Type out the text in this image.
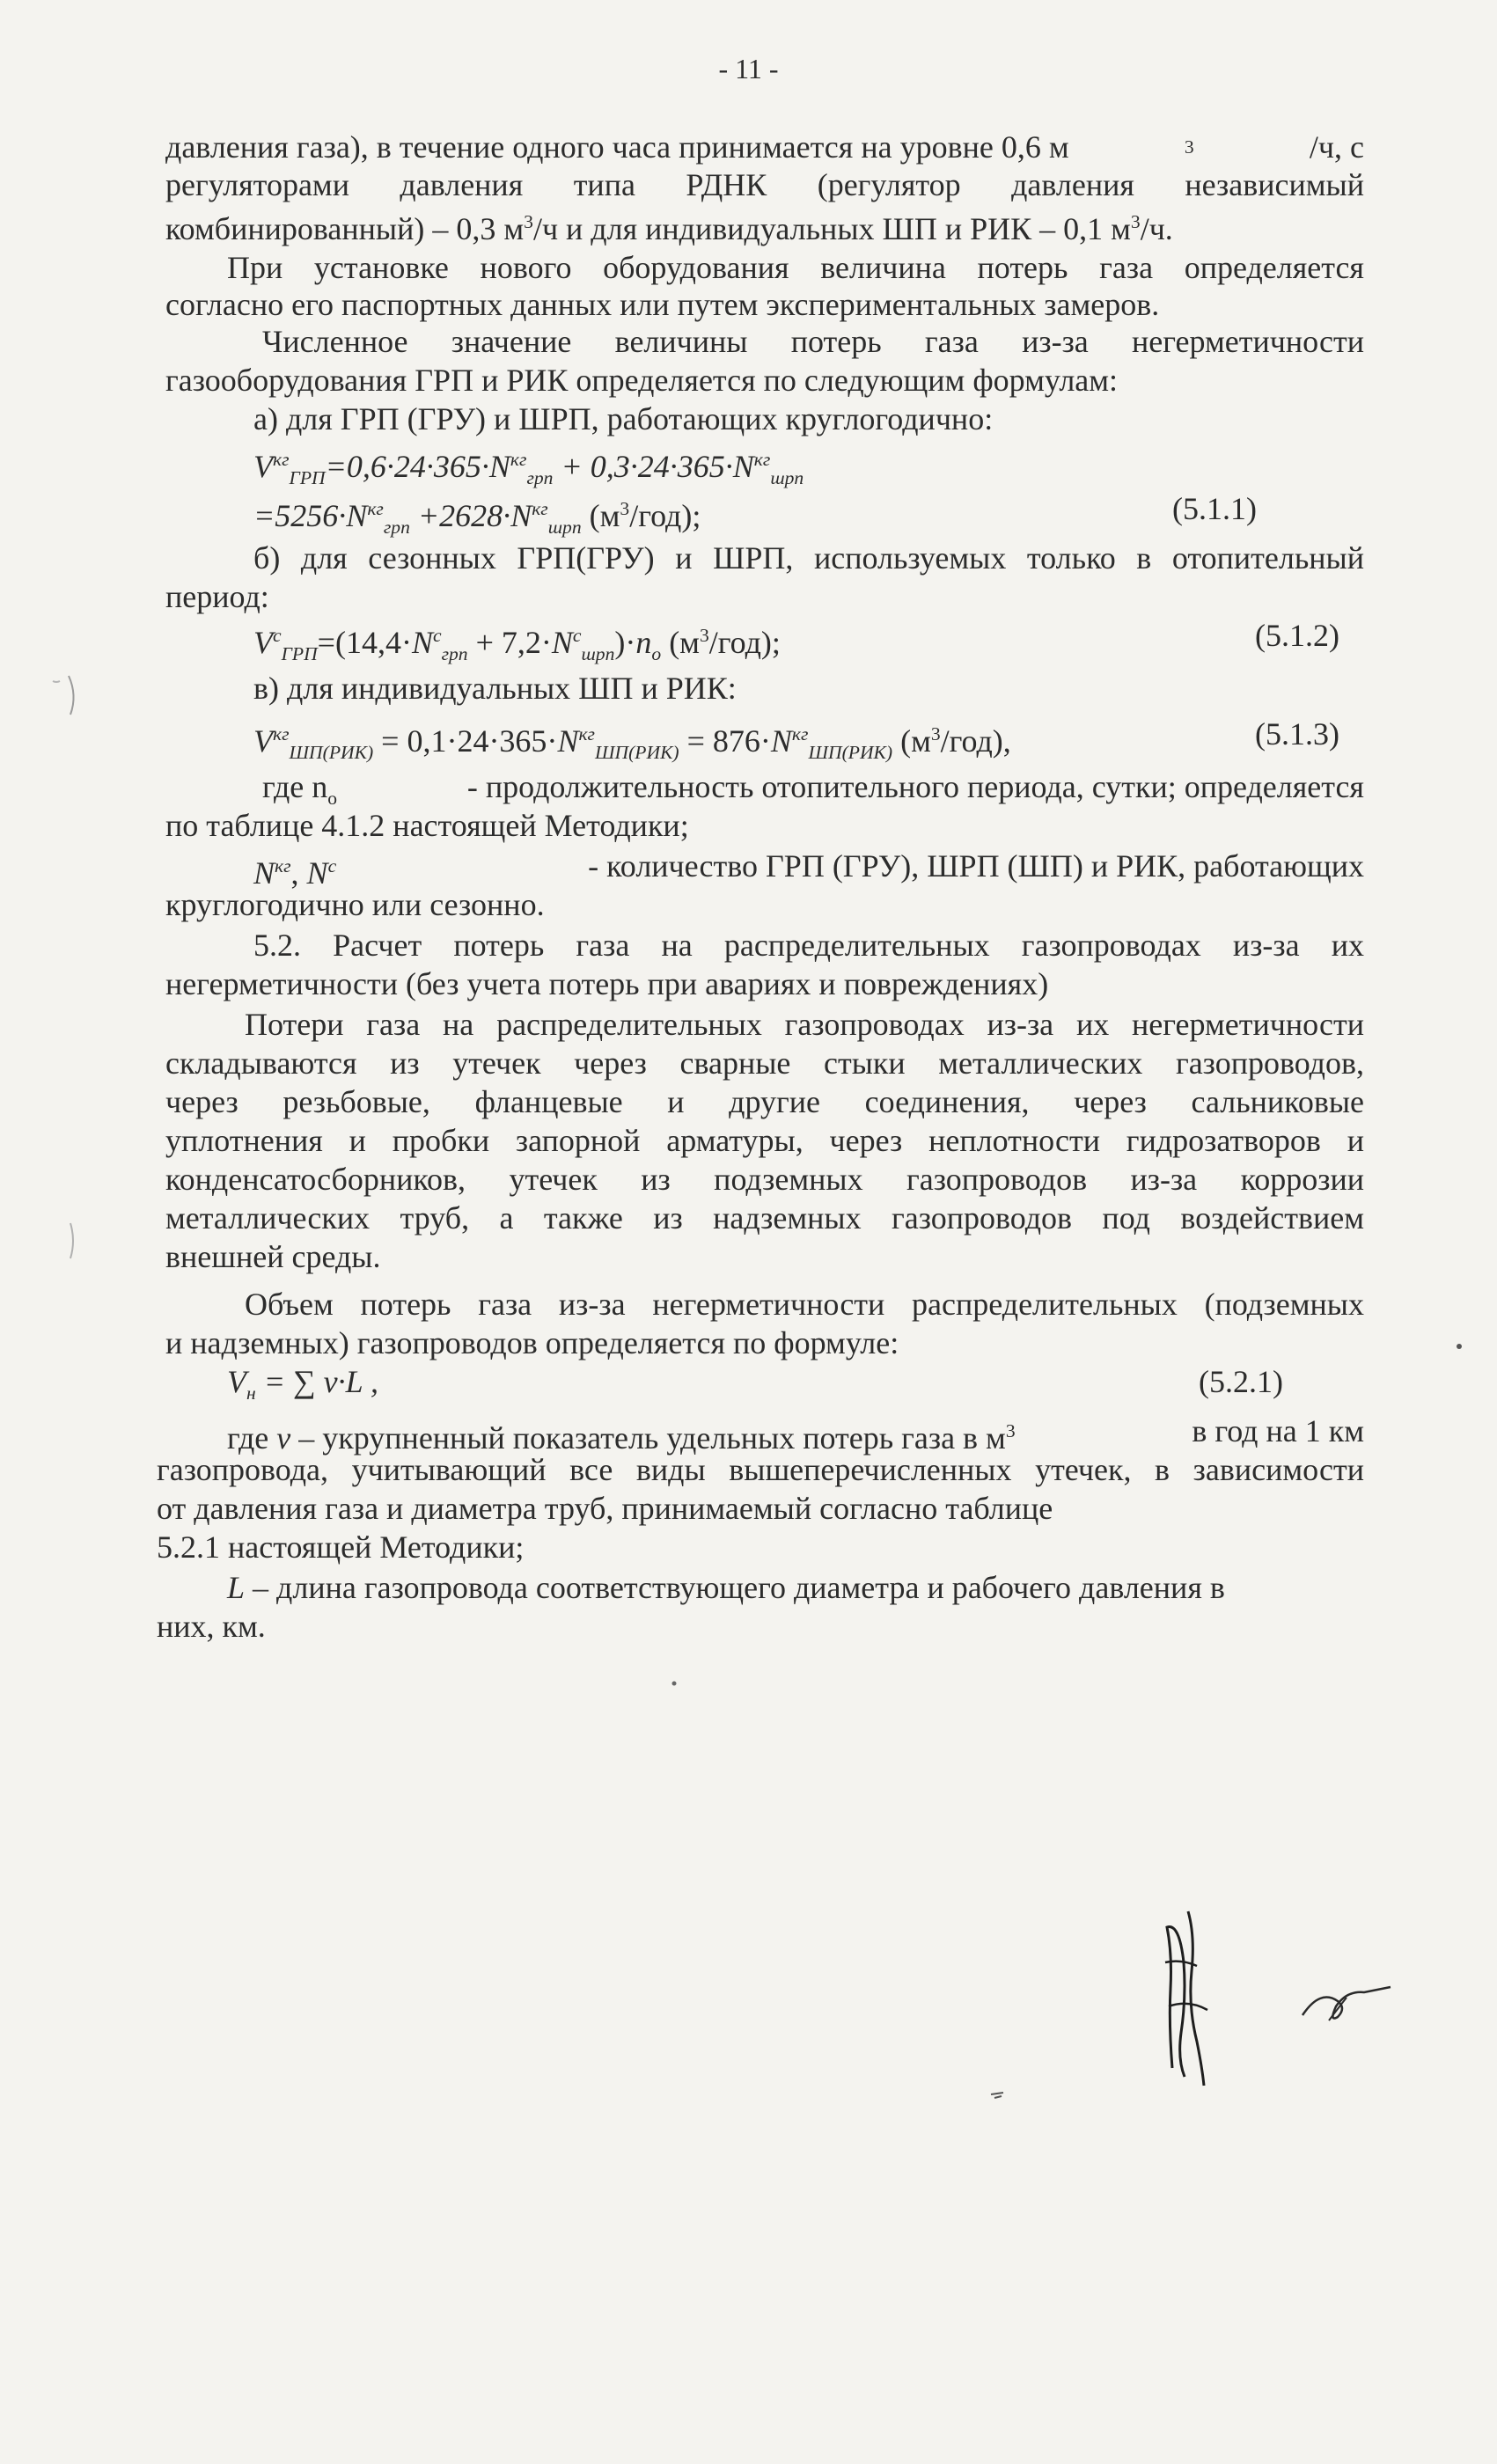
- 11 -
давления газа), в течение одного часа принимается на уровне 0,6 м	3	/ч, с
регуляторами давления типа РДНК (регулятор давления независимый
комбинированный) – 0,3 $м^3/ч$ и для индивидуальных ШП и РИК – 0,1 $м^3/ч$.
При установке нового оборудования величина потерь газа определяется
согласно его паспортных данных или путем экспериментальных замеров.
Численное значение величины потерь газа из-за негерметичности
газооборудования ГРП и РИК определяется по следующим формулам:
а) для ГРП (ГРУ) и ШРП, работающих круглогодично:
$V^{кг}_{ГРП}=0,6\cdot 24\cdot 365\cdot N^{кг}_{грп} + 0,3\cdot 24\cdot 365\cdot N^{кг}_{шрп}$
$=5256\cdot N^{кг}_{грп} +2628\cdot N^{кг}_{шрп}$ $(м^3/год)$;	(5.1.1)
б) для сезонных ГРП(ГРУ) и ШРП, используемых только в отопительный
период:
$V^с_{ГРП}=(14,4\cdot N^с_{грп} + 7,2\cdot N^с_{шрп})\cdot n_о$ $(м^3/год)$;	(5.1.2)
в) для индивидуальных ШП и РИК:
$V^{кг}_{ШП(РИК)} = 0,1\cdot 24\cdot 365\cdot N^{кг}_{ШП(РИК)} = 876\cdot N^{кг}_{ШП(РИК)}$ $(м^3/год)$,	(5.1.3)
где $n_о$	- продолжительность отопительного периода, сутки; определяется
по таблице 4.1.2 настоящей Методики;
$N^{кг}$, $N^с$	- количество ГРП (ГРУ), ШРП (ШП) и РИК, работающих
круглогодично или сезонно.
5.2. Расчет потерь газа на распределительных газопроводах из-за их
негерметичности (без учета потерь при авариях и повреждениях)
Потери газа на распределительных газопроводах из-за их негерметичности
складываются из утечек через сварные стыки металлических газопроводов,
через резьбовые, фланцевые и другие соединения, через сальниковые
уплотнения и пробки запорной арматуры, через неплотности гидрозатворов и
конденсатосборников, утечек из подземных газопроводов из-за коррозии
металлических труб, а также из надземных газопроводов под воздействием
внешней среды.
Объем потерь газа из-за негерметичности распределительных (подземных
и надземных) газопроводов определяется по формуле:
$V_н$ = ∑ v·L ,	(5.2.1)
где v – укрупненный показатель удельных потерь газа в $м^3$	в год на 1 км
газопровода, учитывающий все виды вышеперечисленных утечек, в зависимости
от давления газа и диаметра труб, принимаемый согласно таблице
5.2.1 настоящей Методики;
L – длина газопровода соответствующего диаметра и рабочего давления в
них, км.
